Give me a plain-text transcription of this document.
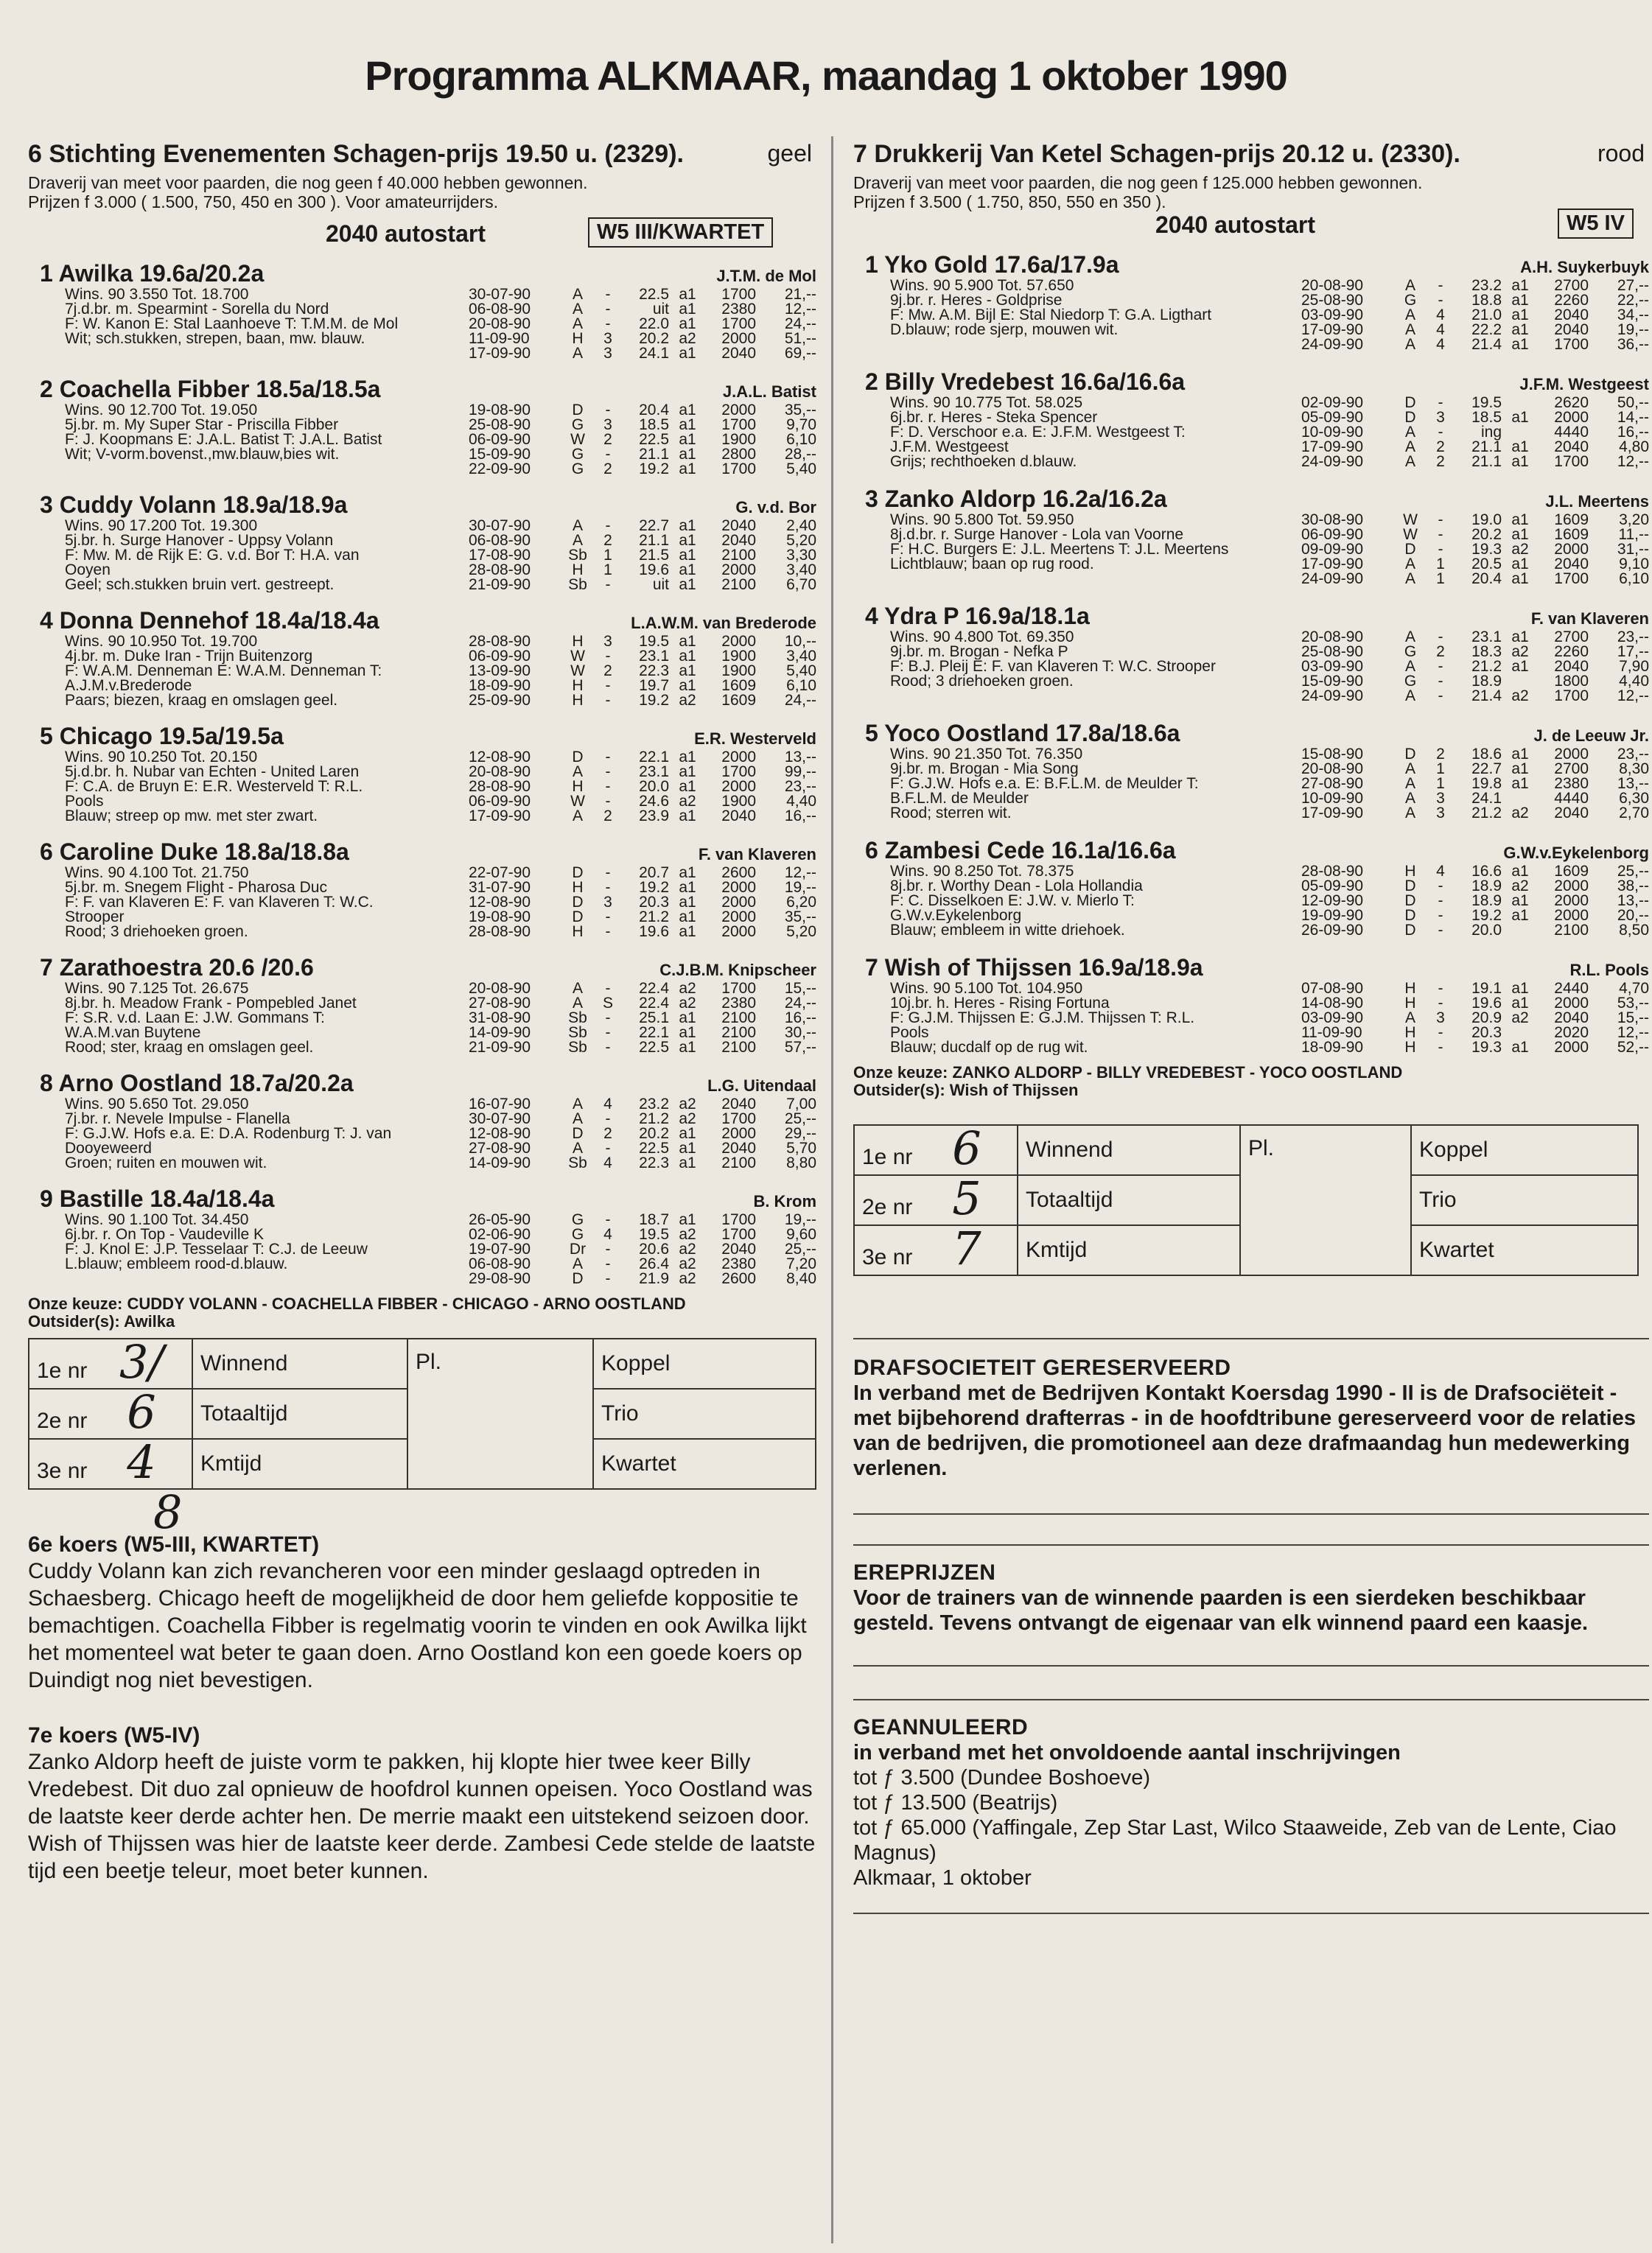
Programma ALKMAAR, maandag 1 oktober 1990
6 Stichting Evenementen Schagen-prijs 19.50 u. (2329).	geel
Draverij van meet voor paarden, die nog geen f 40.000 hebben gewonnen.
Prijzen f 3.000 ( 1.500, 750, 450 en 300 ). Voor amateurrijders.
2040 autostart	W5 III/KWARTET
1 Awilka 19.6a/20.2a	J.T.M. de Mol
Wins. 90 3.550 Tot. 18.700
7j.d.br. m. Spearmint - Sorella du Nord
F: W. Kanon E: Stal Laanhoeve T: T.M.M. de Mol
Wit; sch.stukken, strepen, baan, mw. blauw.
30-07-90	A	-	22.5 a1	1700	21,--
06-08-90	A	-	uit a1	2380	12,--
20-08-90	A	-	22.0 a1	1700	24,--
11-09-90	H	3	20.2 a2	2000	51,--
17-09-90	A	3	24.1 a1	2040	69,--
2 Coachella Fibber 18.5a/18.5a	J.A.L. Batist
Wins. 90 12.700 Tot. 19.050
5j.br. m. My Super Star - Priscilla Fibber
F: J. Koopmans E: J.A.L. Batist T: J.A.L. Batist
Wit; V-vorm.bovenst.,mw.blauw,bies wit.
19-08-90	D	-	20.4 a1	2000	35,--
25-08-90	G	3	18.5 a1	1700	9,70
06-09-90	W	2	22.5 a1	1900	6,10
15-09-90	G	-	21.1 a1	2800	28,--
22-09-90	G	2	19.2 a1	1700	5,40
3 Cuddy Volann 18.9a/18.9a	G. v.d. Bor
Wins. 90 17.200 Tot. 19.300
5j.br. h. Surge Hanover - Uppsy Volann
F: Mw. M. de Rijk E: G. v.d. Bor T: H.A. van
Ooyen
Geel; sch.stukken bruin vert. gestreept.
30-07-90	A	-	22.7 a1	2040	2,40
06-08-90	A	2	21.1 a1	2040	5,20
17-08-90	Sb	1	21.5 a1	2100	3,30
28-08-90	H	1	19.6 a1	2000	3,40
21-09-90	Sb	-	uit a1	2100	6,70
4 Donna Dennehof 18.4a/18.4a	L.A.W.M. van Brederode
Wins. 90 10.950 Tot. 19.700
4j.br. m. Duke Iran - Trijn Buitenzorg
F: W.A.M. Denneman E: W.A.M. Denneman T:
A.J.M.v.Brederode
Paars; biezen, kraag en omslagen geel.
28-08-90	H	3	19.5 a1	2000	10,--
06-09-90	W	-	23.1 a1	1900	3,40
13-09-90	W	2	22.3 a1	1900	5,40
18-09-90	H	-	19.7 a1	1609	6,10
25-09-90	H	-	19.2 a2	1609	24,--
5 Chicago 19.5a/19.5a	E.R. Westerveld
Wins. 90 10.250 Tot. 20.150
5j.d.br. h. Nubar van Echten - United Laren
F: C.A. de Bruyn E: E.R. Westerveld T: R.L.
Pools
Blauw; streep op mw. met ster zwart.
12-08-90	D	-	22.1 a1	2000	13,--
20-08-90	A	-	23.1 a1	1700	99,--
28-08-90	H	-	20.0 a1	2000	23,--
06-09-90	W	-	24.6 a2	1900	4,40
17-09-90	A	2	23.9 a1	2040	16,--
6 Caroline Duke 18.8a/18.8a	F. van Klaveren
Wins. 90 4.100 Tot. 21.750
5j.br. m. Snegem Flight - Pharosa Duc
F: F. van Klaveren E: F. van Klaveren T: W.C.
Strooper
Rood; 3 driehoeken groen.
22-07-90	D	-	20.7 a1	2600	12,--
31-07-90	H	-	19.2 a1	2000	19,--
12-08-90	D	3	20.3 a1	2000	6,20
19-08-90	D	-	21.2 a1	2000	35,--
28-08-90	H	-	19.6 a1	2000	5,20
7 Zarathoestra 20.6 /20.6	C.J.B.M. Knipscheer
Wins. 90 7.125 Tot. 26.675
8j.br. h. Meadow Frank - Pompebled Janet
F: S.R. v.d. Laan E: J.W. Gommans T:
W.A.M.van Buytene
Rood; ster, kraag en omslagen geel.
20-08-90	A	-	22.4 a2	1700	15,--
27-08-90	A	S	22.4 a2	2380	24,--
31-08-90	Sb	-	25.1 a1	2100	16,--
14-09-90	Sb	-	22.1 a1	2100	30,--
21-09-90	Sb	-	22.5 a1	2100	57,--
8 Arno Oostland 18.7a/20.2a	L.G. Uitendaal
Wins. 90 5.650 Tot. 29.050
7j.br. r. Nevele Impulse - Flanella
F: G.J.W. Hofs e.a. E: D.A. Rodenburg T: J. van
Dooyeweerd
Groen; ruiten en mouwen wit.
16-07-90	A	4	23.2 a2	2040	7,00
30-07-90	A	-	21.2 a2	1700	25,--
12-08-90	D	2	20.2 a1	2000	29,--
27-08-90	A	-	22.5 a1	2040	5,70
14-09-90	Sb	4	22.3 a1	2100	8,80
9 Bastille 18.4a/18.4a	B. Krom
Wins. 90 1.100 Tot. 34.450
6j.br. r. On Top - Vaudeville K
F: J. Knol E: J.P. Tesselaar T: C.J. de Leeuw
L.blauw; embleem rood-d.blauw.
26-05-90	G	-	18.7 a1	1700	19,--
02-06-90	G	4	19.5 a2	1700	9,60
19-07-90	Dr	-	20.6 a2	2040	25,--
06-08-90	A	-	26.4 a2	2380	7,20
29-08-90	D	-	21.9 a2	2600	8,40
Onze keuze: CUDDY VOLANN - COACHELLA FIBBER - CHICAGO - ARNO OOSTLAND
Outsider(s): Awilka
1e nr 3/	Winnend	Pl.	Koppel
2e nr 6	Totaaltijd		Trio
3e nr 4	Kmtijd		Kwartet
8
6e koers (W5-III, KWARTET)
Cuddy Volann kan zich revancheren voor een minder geslaagd optreden in Schaesberg. Chicago heeft de mogelijkheid de door hem geliefde koppositie te bemachtigen. Coachella Fibber is regelmatig voorin te vinden en ook Awilka lijkt het momenteel wat beter te gaan doen. Arno Oostland kon een goede koers op Duindigt nog niet bevestigen.
7e koers (W5-IV)
Zanko Aldorp heeft de juiste vorm te pakken, hij klopte hier twee keer Billy Vredebest. Dit duo zal opnieuw de hoofdrol kunnen opeisen. Yoco Oostland was de laatste keer derde achter hen. De merrie maakt een uitstekend seizoen door. Wish of Thijssen was hier de laatste keer derde. Zambesi Cede stelde de laatste tijd een beetje teleur, moet beter kunnen.
7 Drukkerij Van Ketel Schagen-prijs 20.12 u. (2330).	rood
Draverij van meet voor paarden, die nog geen f 125.000 hebben gewonnen.
Prijzen f 3.500 ( 1.750, 850, 550 en 350 ).
2040 autostart	W5 IV
1 Yko Gold 17.6a/17.9a	A.H. Suykerbuyk
Wins. 90 5.900 Tot. 57.650
9j.br. r. Heres - Goldprise
F: Mw. A.M. Bijl E: Stal Niedorp T: G.A. Ligthart
D.blauw; rode sjerp, mouwen wit.
20-08-90	A	-	23.2 a1	2700	27,--
25-08-90	G	-	18.8 a1	2260	22,--
03-09-90	A	4	21.0 a1	2040	34,--
17-09-90	A	4	22.2 a1	2040	19,--
24-09-90	A	4	21.4 a1	1700	36,--
2 Billy Vredebest 16.6a/16.6a	J.F.M. Westgeest
Wins. 90 10.775 Tot. 58.025
6j.br. r. Heres - Steka Spencer
F: D. Verschoor e.a. E: J.F.M. Westgeest T:
J.F.M. Westgeest
Grijs; rechthoeken d.blauw.
02-09-90	D	-	19.5	2620	50,--
05-09-90	D	3	18.5 a1	2000	14,--
10-09-90	A	-	ing	4440	16,--
17-09-90	A	2	21.1 a1	2040	4,80
24-09-90	A	2	21.1 a1	1700	12,--
3 Zanko Aldorp 16.2a/16.2a	J.L. Meertens
Wins. 90 5.800 Tot. 59.950
8j.d.br. r. Surge Hanover - Lola van Voorne
F: H.C. Burgers E: J.L. Meertens T: J.L. Meertens
Lichtblauw; baan op rug rood.
30-08-90	W	-	19.0 a1	1609	3,20
06-09-90	W	-	20.2 a1	1609	11,--
09-09-90	D	-	19.3 a2	2000	31,--
17-09-90	A	1	20.5 a1	2040	9,10
24-09-90	A	1	20.4 a1	1700	6,10
4 Ydra P 16.9a/18.1a	F. van Klaveren
Wins. 90 4.800 Tot. 69.350
9j.br. m. Brogan - Nefka P
F: B.J. Pleij E: F. van Klaveren T: W.C. Strooper
Rood; 3 driehoeken groen.
20-08-90	A	-	23.1 a1	2700	23,--
25-08-90	G	2	18.3 a2	2260	17,--
03-09-90	A	-	21.2 a1	2040	7,90
15-09-90	G	-	18.9	1800	4,40
24-09-90	A	-	21.4 a2	1700	12,--
5 Yoco Oostland 17.8a/18.6a	J. de Leeuw Jr.
Wins. 90 21.350 Tot. 76.350
9j.br. m. Brogan - Mia Song
F: G.J.W. Hofs e.a. E: B.F.L.M. de Meulder T:
B.F.L.M. de Meulder
Rood; sterren wit.
15-08-90	D	2	18.6 a1	2000	23,--
20-08-90	A	1	22.7 a1	2700	8,30
27-08-90	A	1	19.8 a1	2380	13,--
10-09-90	A	3	24.1	4440	6,30
17-09-90	A	3	21.2 a2	2040	2,70
6 Zambesi Cede 16.1a/16.6a	G.W.v.Eykelenborg
Wins. 90 8.250 Tot. 78.375
8j.br. r. Worthy Dean - Lola Hollandia
F: C. Disselkoen E: J.W. v. Mierlo T:
G.W.v.Eykelenborg
Blauw; embleem in witte driehoek.
28-08-90	H	4	16.6 a1	1609	25,--
05-09-90	D	-	18.9 a2	2000	38,--
12-09-90	D	-	18.9 a1	2000	13,--
19-09-90	D	-	19.2 a1	2000	20,--
26-09-90	D	-	20.0	2100	8,50
7 Wish of Thijssen 16.9a/18.9a	R.L. Pools
Wins. 90 5.100 Tot. 104.950
10j.br. h. Heres - Rising Fortuna
F: G.J.M. Thijssen E: G.J.M. Thijssen T: R.L.
Pools
Blauw; ducdalf op de rug wit.
07-08-90	H	-	19.1 a1	2440	4,70
14-08-90	H	-	19.6 a1	2000	53,--
03-09-90	A	3	20.9 a2	2040	15,--
11-09-90	H	-	20.3	2020	12,--
18-09-90	H	-	19.3 a1	2000	52,--
Onze keuze: ZANKO ALDORP - BILLY VREDEBEST - YOCO OOSTLAND
Outsider(s): Wish of Thijssen
1e nr 6	Winnend	Pl.	Koppel
2e nr 5	Totaaltijd		Trio
3e nr 7	Kmtijd		Kwartet
DRAFSOCIETEIT GERESERVEERD
In verband met de Bedrijven Kontakt Koersdag 1990 - II is de Drafsociëteit - met bijbehorend drafterras - in de hoofdtribune gereserveerd voor de relaties van de bedrijven, die promotioneel aan deze drafmaandag hun medewerking verlenen.
EREPRIJZEN
Voor de trainers van de winnende paarden is een sierdeken beschikbaar gesteld. Tevens ontvangt de eigenaar van elk winnend paard een kaasje.
GEANNULEERD
in verband met het onvoldoende aantal inschrijvingen
tot ƒ 3.500 (Dundee Boshoeve)
tot ƒ 13.500 (Beatrijs)
tot ƒ 65.000 (Yaffingale, Zep Star Last, Wilco Staaweide, Zeb van de Lente, Ciao Magnus)
Alkmaar, 1 oktober
